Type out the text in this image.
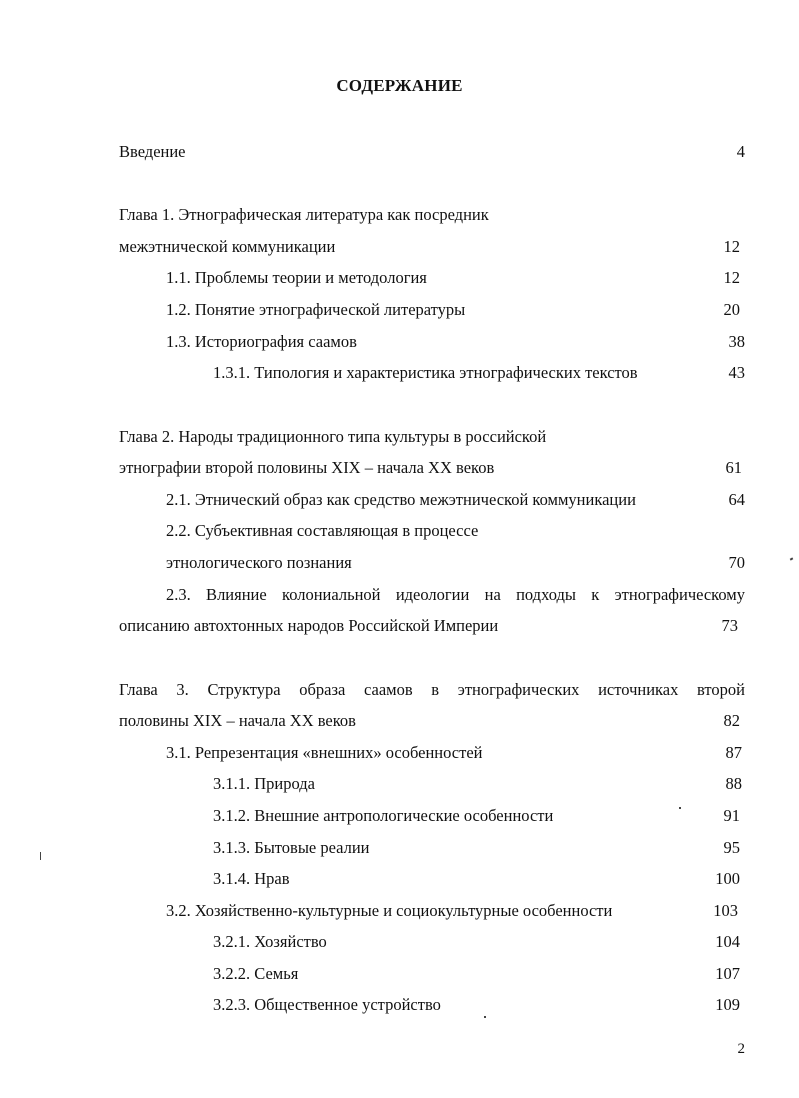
СОДЕРЖАНИЕ
Введение	4
Глава 1. Этнографическая литература как посредник
межэтнической коммуникации	12
1.1. Проблемы теории и методология	12
1.2. Понятие этнографической литературы	20
1.3. Историография саамов	38
1.3.1. Типология и характеристика этнографических текстов	43
Глава 2. Народы традиционного типа культуры в российской
этнографии второй половины XIX – начала XX веков	61
2.1. Этнический образ как средство межэтнической коммуникации	64
2.2. Субъективная составляющая в процессе
этнологического познания	70
2.3. Влияние колониальной идеологии на подходы к этнографическому
описанию автохтонных народов Российской Империи	73
Глава 3. Структура образа саамов в этнографических источниках второй
половины XIX – начала XX веков	82
3.1. Репрезентация «внешних» особенностей	87
3.1.1. Природа	88
3.1.2. Внешние антропологические особенности	91
3.1.3. Бытовые реалии	95
3.1.4. Нрав	100
3.2. Хозяйственно-культурные и социокультурные особенности	103
3.2.1. Хозяйство	104
3.2.2. Семья	107
3.2.3. Общественное устройство	109
2
